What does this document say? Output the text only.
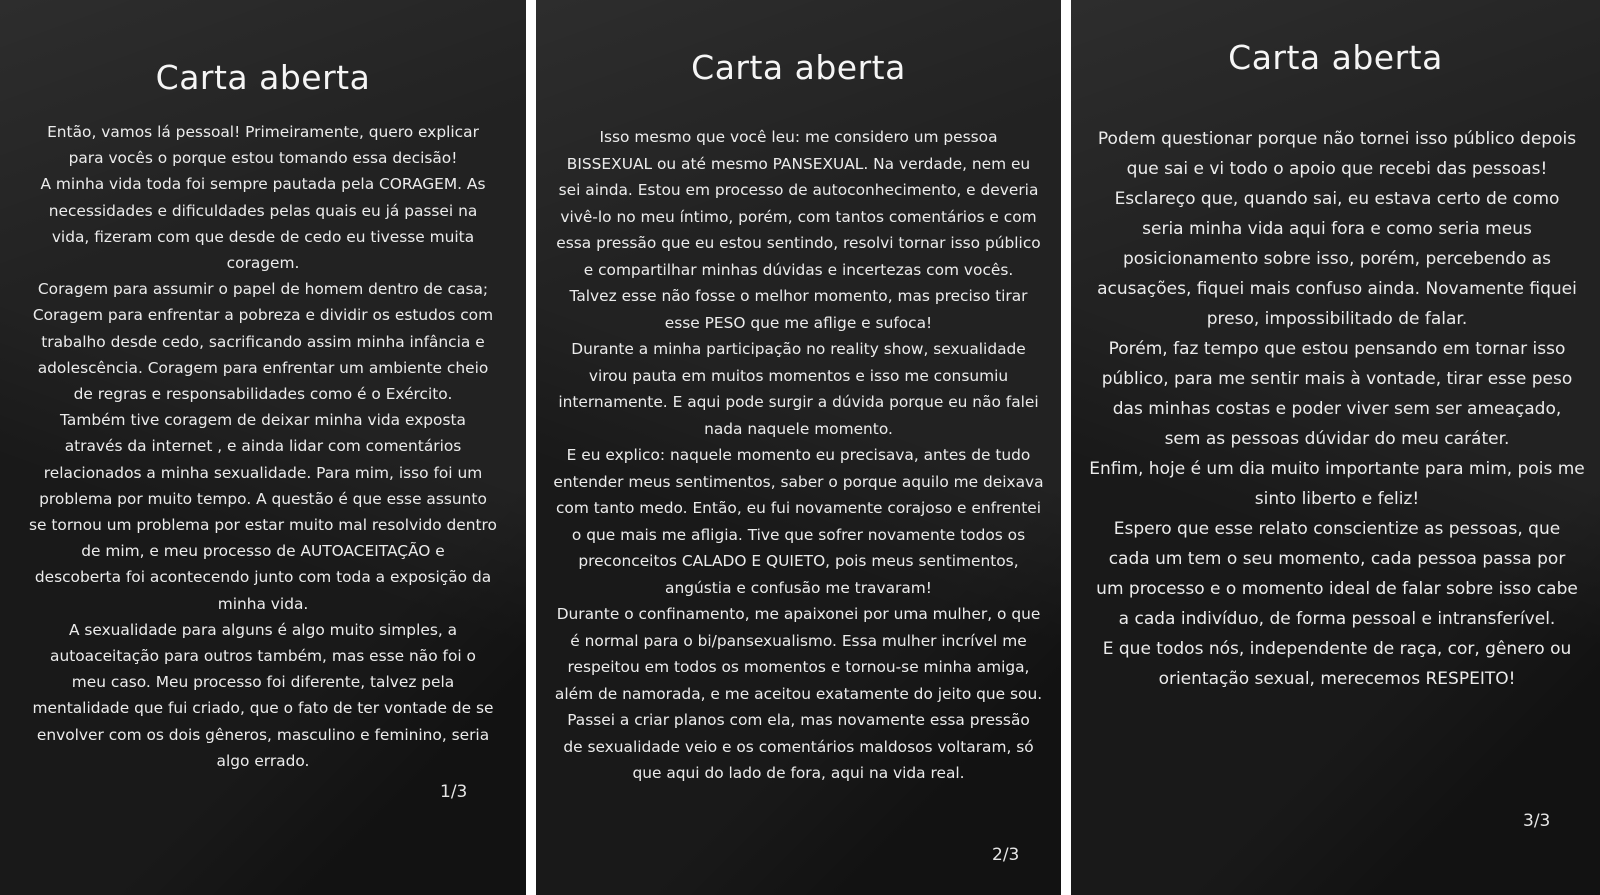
Carta aberta
Então, vamos lá pessoal! Primeiramente, quero explicar
para vocês o porque estou tomando essa decisão!
A minha vida toda foi sempre pautada pela CORAGEM. As
necessidades e dificuldades pelas quais eu já passei na
vida, fizeram com que desde de cedo eu tivesse muita
coragem.
Coragem para assumir o papel de homem dentro de casa;
Coragem para enfrentar a pobreza e dividir os estudos com
trabalho desde cedo, sacrificando assim minha infância e
adolescência. Coragem para enfrentar um ambiente cheio
de regras e responsabilidades como é o Exército.
Também tive coragem de deixar minha vida exposta
através da internet , e ainda lidar com comentários
relacionados a minha sexualidade. Para mim, isso foi um
problema por muito tempo. A questão é que esse assunto
se tornou um problema por estar muito mal resolvido dentro
de mim, e meu processo de AUTOACEITAÇÃO e
descoberta foi acontecendo junto com toda a exposição da
minha vida.
A sexualidade para alguns é algo muito simples, a
autoaceitação para outros também, mas esse não foi o
meu caso. Meu processo foi diferente, talvez pela
mentalidade que fui criado, que o fato de ter vontade de se
envolver com os dois gêneros, masculino e feminino, seria
algo errado.
1/3
Carta aberta
Isso mesmo que você leu: me considero um pessoa
BISSEXUAL ou até mesmo PANSEXUAL. Na verdade, nem eu
sei ainda. Estou em processo de autoconhecimento, e deveria
vivê-lo no meu íntimo, porém, com tantos comentários e com
essa pressão que eu estou sentindo, resolvi tornar isso público
e compartilhar minhas dúvidas e incertezas com vocês.
Talvez esse não fosse o melhor momento, mas preciso tirar
esse PESO que me aflige e sufoca!
Durante a minha participação no reality show, sexualidade
virou pauta em muitos momentos e isso me consumiu
internamente. E aqui pode surgir a dúvida porque eu não falei
nada naquele momento.
E eu explico: naquele momento eu precisava, antes de tudo
entender meus sentimentos, saber o porque aquilo me deixava
com tanto medo. Então, eu fui novamente corajoso e enfrentei
o que mais me afligia. Tive que sofrer novamente todos os
preconceitos CALADO E QUIETO, pois meus sentimentos,
angústia e confusão me travaram!
Durante o confinamento, me apaixonei por uma mulher, o que
é normal para o bi/pansexualismo. Essa mulher incrível me
respeitou em todos os momentos e tornou-se minha amiga,
além de namorada, e me aceitou exatamente do jeito que sou.
Passei a criar planos com ela, mas novamente essa pressão
de sexualidade veio e os comentários maldosos voltaram, só
que aqui do lado de fora, aqui na vida real.
2/3
Carta aberta
Podem questionar porque não tornei isso público depois
que sai e vi todo o apoio que recebi das pessoas!
Esclareço que, quando sai, eu estava certo de como
seria minha vida aqui fora e como seria meus
posicionamento sobre isso, porém, percebendo as
acusações, fiquei mais confuso ainda. Novamente fiquei
preso, impossibilitado de falar.
Porém, faz tempo que estou pensando em tornar isso
público, para me sentir mais à vontade, tirar esse peso
das minhas costas e poder viver sem ser ameaçado,
sem as pessoas dúvidar do meu caráter.
Enfim, hoje é um dia muito importante para mim, pois me
sinto liberto e feliz!
Espero que esse relato conscientize as pessoas, que
cada um tem o seu momento, cada pessoa passa por
um processo e o momento ideal de falar sobre isso cabe
a cada indivíduo, de forma pessoal e intransferível.
E que todos nós, independente de raça, cor, gênero ou
orientação sexual, merecemos RESPEITO!
3/3
